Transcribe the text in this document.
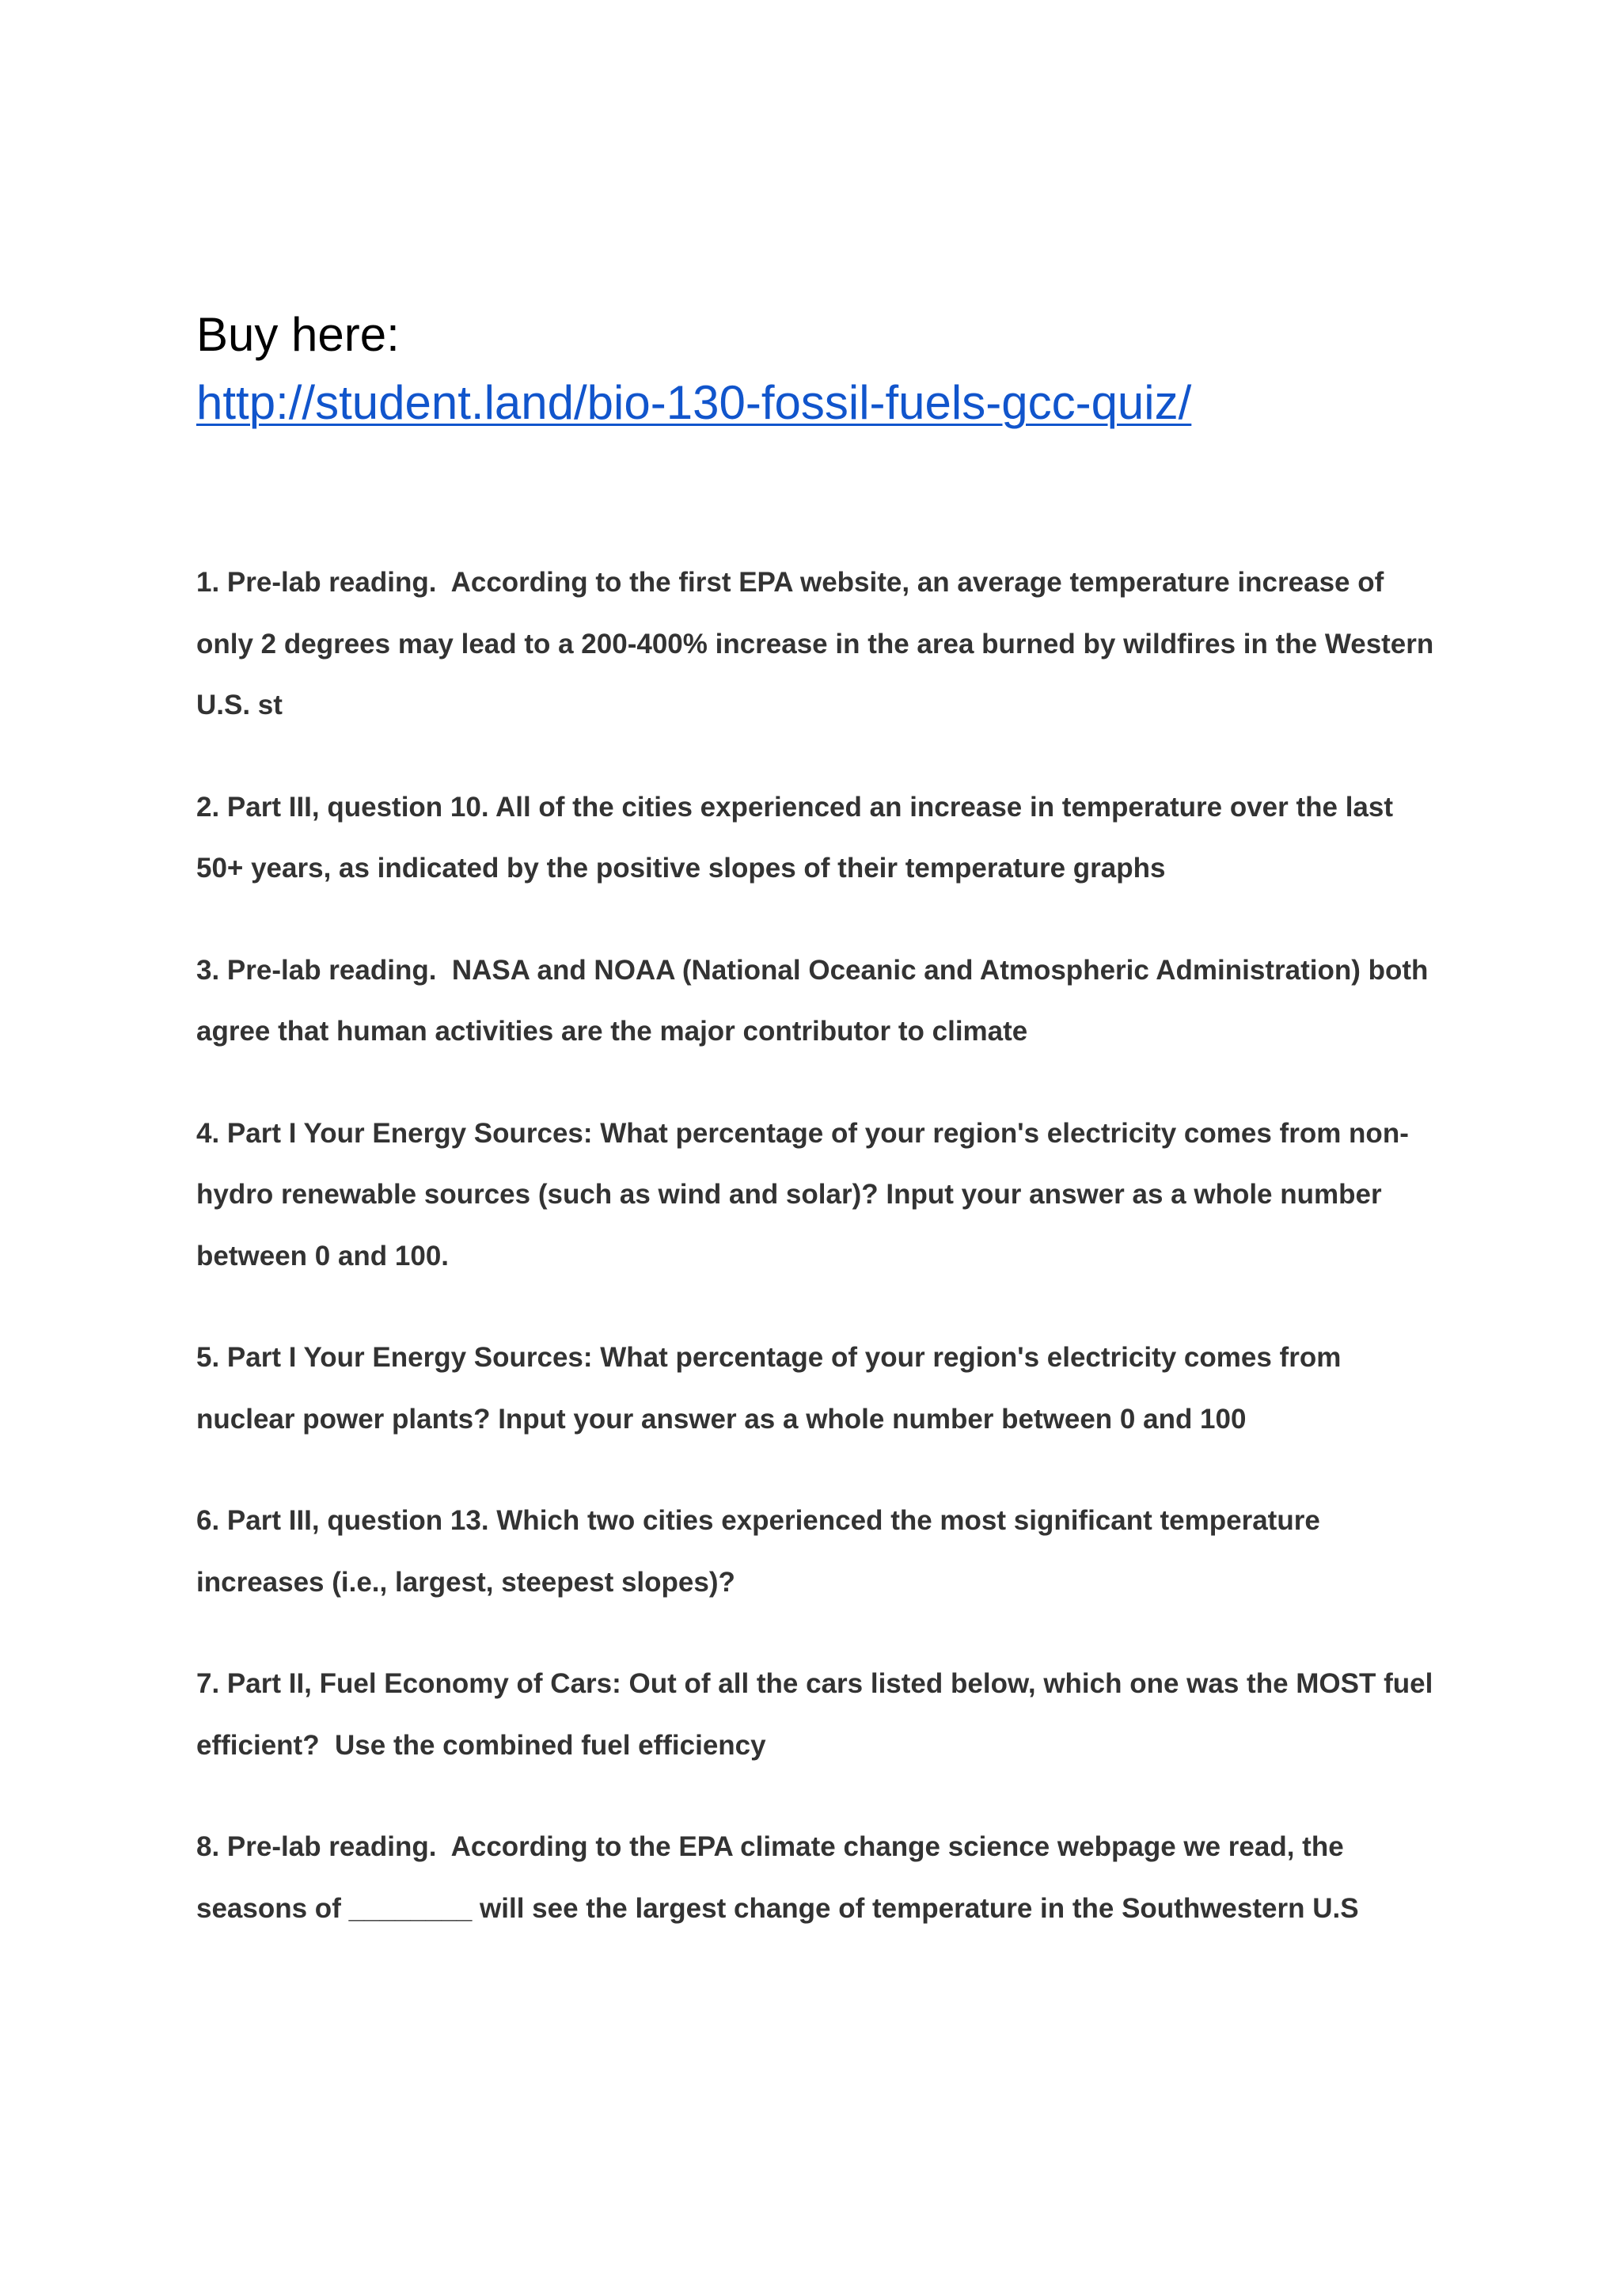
Buy here:
http://student.land/bio-130-fossil-fuels-gcc-quiz/
1. Pre-lab reading.  According to the first EPA website, an average temperature increase of only 2 degrees may lead to a 200-400% increase in the area burned by wildfires in the Western U.S. st
2. Part III, question 10. All of the cities experienced an increase in temperature over the last 50+ years, as indicated by the positive slopes of their temperature graphs
3. Pre-lab reading.  NASA and NOAA (National Oceanic and Atmospheric Administration) both agree that human activities are the major contributor to climate
4. Part I Your Energy Sources: What percentage of your region's electricity comes from non-hydro renewable sources (such as wind and solar)? Input your answer as a whole number between 0 and 100.
5. Part I Your Energy Sources: What percentage of your region's electricity comes from nuclear power plants? Input your answer as a whole number between 0 and 100
6. Part III, question 13. Which two cities experienced the most significant temperature increases (i.e., largest, steepest slopes)?
7. Part II, Fuel Economy of Cars: Out of all the cars listed below, which one was the MOST fuel efficient?  Use the combined fuel efficiency
8. Pre-lab reading.  According to the EPA climate change science webpage we read, the seasons of ________ will see the largest change of temperature in the Southwestern U.S
